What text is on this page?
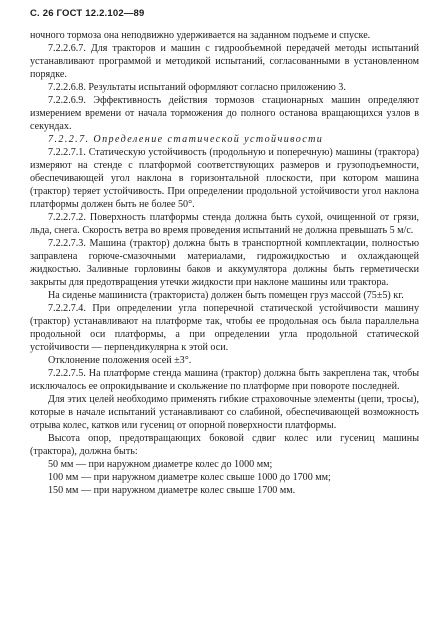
С. 26 ГОСТ 12.2.102—89

ночного тормоза она неподвижно удерживается на заданном подъеме и спуске.

7.2.2.6.7. Для тракторов и машин с гидрообъемной передачей методы испытаний устанавливают программой и методикой испытаний, согласованными в установленном порядке.

7.2.2.6.8. Результаты испытаний оформляют согласно приложению 3.

7.2.2.6.9. Эффективность действия тормозов стационарных машин определяют измерением времени от начала торможения до полного останова вращающихся узлов в секундах.

7.2.2.7. Определение статической устойчивости

7.2.2.7.1. Статическую устойчивость (продольную и поперечную) машины (трактора) измеряют на стенде с платформой соответствующих размеров и грузоподъемности, обеспечивающей угол наклона в горизонтальной плоскости, при котором машина (трактор) теряет устойчивость. При определении продольной устойчивости угол наклона платформы должен быть не более 50°.

7.2.2.7.2. Поверхность платформы стенда должна быть сухой, очищенной от грязи, льда, снега. Скорость ветра во время проведения испытаний не должна превышать 5 м/с.

7.2.2.7.3. Машина (трактор) должна быть в транспортной комплектации, полностью заправлена горюче-смазочными материалами, гидрожидкостью и охлаждающей жидкостью. Заливные горловины баков и аккумулятора должны быть герметически закрыты для предотвращения утечки жидкости при наклоне машины или трактора.

На сиденье машиниста (тракториста) должен быть помещен груз массой (75±5) кг.

7.2.2.7.4. При определении угла поперечной статической устойчивости машину (трактор) устанавливают на платформе так, чтобы ее продольная ось была параллельна продольной оси платформы, а при определении угла продольной статической устойчивости — перпендикулярна к этой оси.

Отклонение положения осей ±3°.

7.2.2.7.5. На платформе стенда машина (трактор) должна быть закреплена так, чтобы исключалось ее опрокидывание и скольжение по платформе при повороте последней.

Для этих целей необходимо применять гибкие страховочные элементы (цепи, тросы), которые в начале испытаний устанавливают со слабиной, обеспечивающей возможность отрыва колес, катков или гусениц от опорной поверхности платформы.

Высота опор, предотвращающих боковой сдвиг колес или гусениц машины (трактора), должна быть:

50 мм — при наружном диаметре колес до 1000 мм;

100 мм — при наружном диаметре колес свыше 1000 до 1700 мм;

150 мм — при наружном диаметре колес свыше 1700 мм.
